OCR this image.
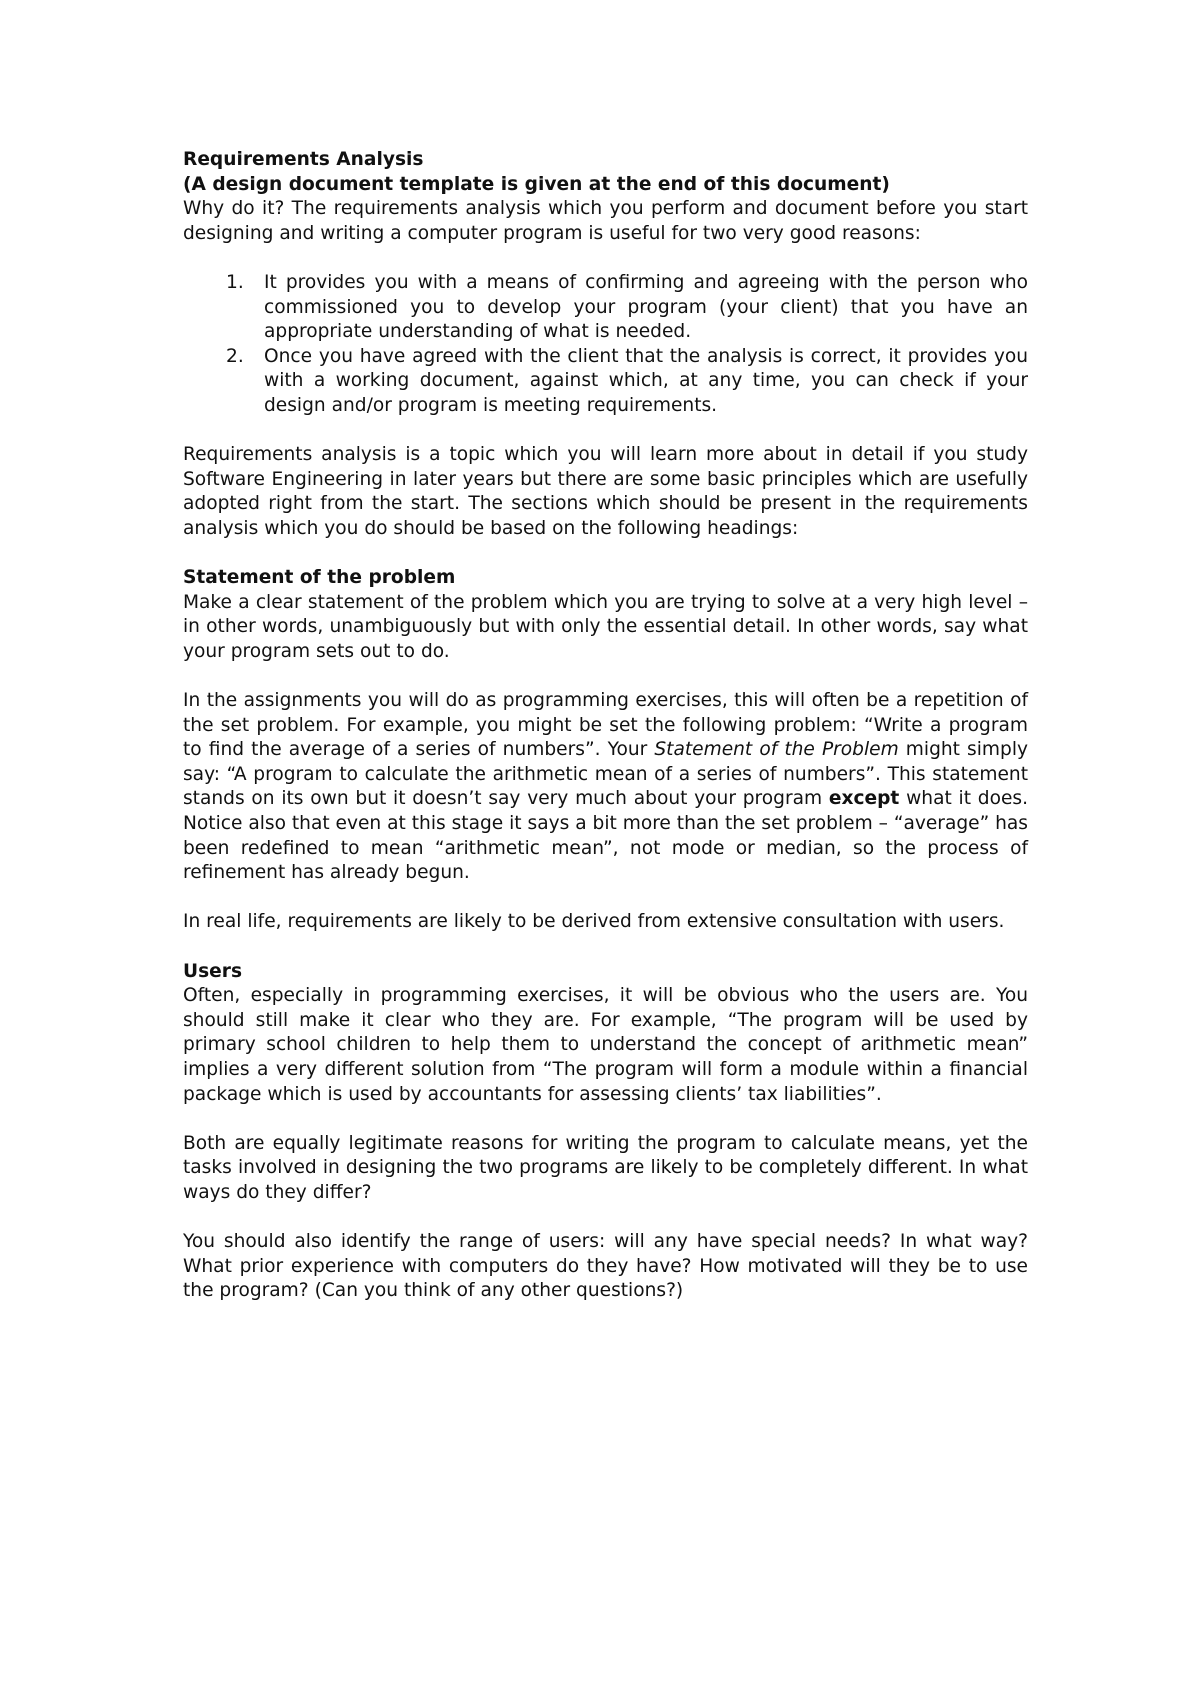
Requirements Analysis
(A design document template is given at the end of this document)

Why do it? The requirements analysis which you perform and document before you start designing and writing a computer program is useful for two very good reasons:

1. It provides you with a means of confirming and agreeing with the person who commissioned you to develop your program (your client) that you have an appropriate understanding of what is needed.
2. Once you have agreed with the client that the analysis is correct, it provides you with a working document, against which, at any time, you can check if your design and/or program is meeting requirements.

Requirements analysis is a topic which you will learn more about in detail if you study Software Engineering in later years but there are some basic principles which are usefully adopted right from the start. The sections which should be present in the requirements analysis which you do should be based on the following headings:

Statement of the problem

Make a clear statement of the problem which you are trying to solve at a very high level – in other words, unambiguously but with only the essential detail. In other words, say what your program sets out to do.

In the assignments you will do as programming exercises, this will often be a repetition of the set problem. For example, you might be set the following problem: “Write a program to find the average of a series of numbers”. Your Statement of the Problem might simply say: “A program to calculate the arithmetic mean of a series of numbers”. This statement stands on its own but it doesn’t say very much about your program except what it does. Notice also that even at this stage it says a bit more than the set problem – “average” has been redefined to mean “arithmetic mean”, not mode or median, so the process of refinement has already begun.

In real life, requirements are likely to be derived from extensive consultation with users.

Users

Often, especially in programming exercises, it will be obvious who the users are. You should still make it clear who they are. For example, “The program will be used by primary school children to help them to understand the concept of arithmetic mean” implies a very different solution from “The program will form a module within a financial package which is used by accountants for assessing clients’ tax liabilities”.

Both are equally legitimate reasons for writing the program to calculate means, yet the tasks involved in designing the two programs are likely to be completely different. In what ways do they differ?

You should also identify the range of users: will any have special needs? In what way? What prior experience with computers do they have? How motivated will they be to use the program? (Can you think of any other questions?)
